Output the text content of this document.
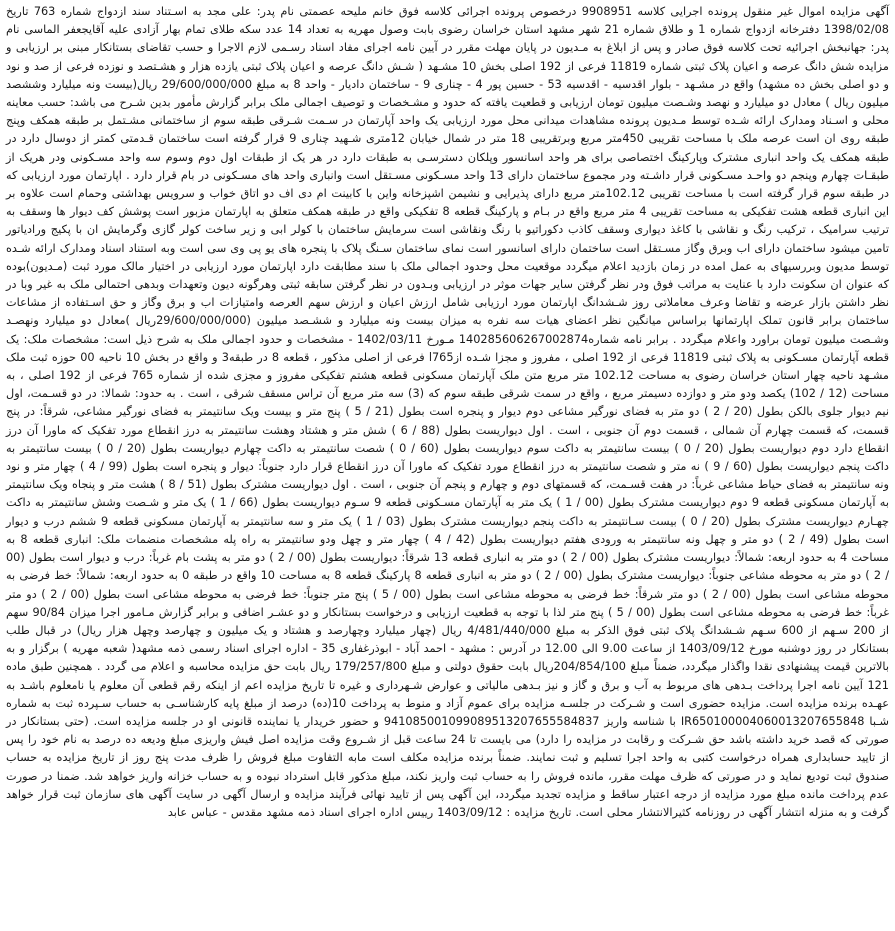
آگهی مزایده اموال غیر منقول پرونده اجرایی کلاسه 9908951 درخصوص پرونده اجرائی کلاسه فوق خانم ملیحه عصمتی نام پدر: علی مجد به اسـتناد سند ازدواج شماره 763 تاریخ 1398/02/08 دفترخانه ازدواج شماره 1 و طلاق شماره 21 شهر مشهد استان خراسان رضوی بابت وصول مهریه به تعداد 14 عدد سکه طلای تمام بهار آزادی علیه آقایجعفر الماسی نام پدر: جهانبخش اجرائیه تحت کلاسه فوق صادر و پس از ابلاغ به مـدیون در پایان مهلت مقرر در آیین نامه اجرای مفاد اسناد رسـمی لازم الاجرا و حسب تقاضای بستانکار مبنی بر ارزیابی و مزایده شش دانگ عرصه و اعیان پلاک ثبتی شماره 11819 فرعی از 192 اصلی بخش 10 مشـهد ( شـش دانگ عرصه و اعیان پلاک ثبتی یازده هزار و هشـتصد و نوزده فرعی از صد و نود و دو اصلی بخش ده مشهد) واقع در مشـهد - بلوار اقدسیه - اقدسیه 53 - حسین پور 4 - چناری 9 - ساختمان دادیار - واحد 8 به مبلغ 29/600/000/000 ریال(بیست ونه میلیارد وششصد میلیون ریال ) معادل دو میلیارد و نهصد وشـصت میلیون تومان ارزیابی و قطعیت یافته که حدود و مشـخصات و توصیف اجمالی ملک برابر گزارش مأمور بدین شـرح می باشد: حسب معاینه محلی و اسـناد ومدارک ارائه شـده توسط مـدیون پرونده مشاهدات میدانی محل مورد ارزیابی یک واحد آپارتمان در سـمت شـرقی طبقه سوم از ساختمانی مشـتمل بر طبقه همکف وپنج طبقه روی ان است عرصه ملک با مساحت تقریبی 450متر مربع وبرتقریبی 18 متر در شمال خیابان 12متری شـهید چناری 9 قرار گرفته است ساختمان قـدمتی کمتر از دوسال دارد در طبقه همکف یک واحد انباری مشترک وپارکینگ اختصاصی برای هر واحد اسانسور وپلکان دسترسـی به طبقات دارد در هر یک از طبقات اول دوم وسوم سه واحد مسـکونی ودر هریک از طبقـات چهارم وپنجم دو واحـد مسـکونی قرار داشـته ودر مجموع ساختمان دارای 13 واحد مسـکونی مسـتقل است وانباری واحد های مسـکونی در بام قرار دارد . اپارتمان مورد ارزیابی که در طبقه سوم قرار گرفته است با مساحت تقریبی 102.12متر مربع دارای پذیرایی و نشیمن اشپزخانه واین با کابینت ام دی اف دو اتاق خواب و سرویس بهداشتی وحمام است علاوه بر این انباری قطعه هشت تفکیکی به مساحت تقریبی 4 متر مربع واقع در بـام و پارکینگ قطعه 8 تفکیکی واقع در طبقه همکف متعلق به اپارتمان مزبور است پوشش کف دیوار ها وسقف به ترتیب سرامیک ، ترکیب رنگ و نقاشی با کاغذ دیواری وسقف کاذب دکوراتیو با رنگ ونقاشی است سرمایش ساختمان با کولر ابی و زیر ساخت کولر گازی وگرمایش ان با پکیج ورادیاتور تامین میشود ساختمان دارای اب وبرق وگاز مسـتقل است ساختمان دارای اسانسور است نمای ساختمان سـنگ پلاک با پنجره های یو پی وی سی است وبه استناد اسناد ومدارک ارائه شـده توسط مدیون وبررسیهای به عمل امده در زمان بازدید اعلام میگردد موقعیت محل وحدود اجمالی ملک با سند مطابقت دارد اپارتمان مورد ارزیابی در اختیار مالک مورد ثبت (مـدیون)بوده که عنوان ان سکونت دارد با عنایت به مراتب فوق ودر نظر گرفتن سایر جهات موثر در ارزیابی وبـدون در نظر گرفتن سابقه ثبتی وهرگونه دیون وتعهدات وبدهی احتمالی ملک به غیر وبا در نظر داشتن بازار عرضه و تقاضا وعرف معاملاتی روز شـشدانگ اپارتمان مورد ارزیابی شامل ارزش اعیان و ارزش سهم العرصه وامتیازات اب و برق وگاز و حق اسـتفاده از مشاعات ساختمان برابر قانون تملک اپارتمانها براساس میانگین نظر اعضای هیات سه نفره به میزان بیست ونه میلیارد و ششـصد میلیون (29/600/000/000ریال )معادل دو میلیارد ونهصـد وشـصت میلیون تومان براورد واعلام میگردد . برابر نامه شماره140285606267002874 مـورخ 1402/03/11 - مشخصات و حدود اجمالی ملک به شرح ذیل است: مشخصات ملک: یک قطعه آپارتمان مسـکونی به پلاک ثبتی 11819 فرعی از 192 اصلی ، مفروز و مجزا شـده ازl765 فرعی از اصلی مذکور ، قطعه 8 در طبقه3 و واقع در بخش 10 ناحیه 00 حوزه ثبت ملک مشـهد ناحیه چهار استان خراسان رضوی به مساحت 102.12 متر مربع متن ملک آپارتمان مسکونی قطعه هشتم تفکیکی مفروز و مجزی شده از شماره 765 فرعی از 192 اصلی ، به مساحت (12 / 102) یکصد ودو متر و دوازده دسیمتر مربع ، واقع در سمت شرقی طبقه سوم که (3) سه متر مربع آن تراس مسقف شرقی ، است . به حدود: شمالا: در دو قسـمت، اول نیم دیوار جلوی بالکن بطول (20 / 2 ) دو متر به فضای نورگیر مشاعی دوم دیوار و پنجره است بطول (21 / 5 ) پنج متر و بیست ویک سانتیمتر به فضای نورگیر مشاعی، شرقاً: در پنج قسمت، که قسمت چهارم آن شمالی ، قسمت دوم آن جنوبی ، است . اول دیواریست بطول (88 / 6 ) شش متر و هشتاد وهشت سانتیمتر به درز انقطاع مورد تفکیک که ماورا آن درز انقطاع دارد دوم دیواریست بطول (20 / 0 ) بیست سانتیمتر به داکت سوم دیواریست بطول (60 / 0 ) شصت سانتیمتر به داکت چهارم دیواریست بطول (20 / 0 ) بیست سانتیمتر به داکت پنجم دیواریست بطول (60 / 9 ) نه متر و شصت سانتیمتر به درز انقطاع مورد تفکیک که ماورا آن درز انقطاع قرار دارد جنوباً: دیوار و پنجره است بطول (99 / 4 ) چهار متر و نود ونه سانتیمتر به فضای حیاط مشاعی غرباً: در هفت قسـمت، که قسمتهای دوم و چهارم و پنجم آن جنوبی ، است . اول دیواریست مشترک بطول (51 / 8 ) هشت متر و پنجاه ویک سانتیمتر به آپارتمان مسکونی قطعه 9 دوم دیواریست مشترک بطول (00 / 1 ) یک متر به آپارتمان مسـکونی قطعه 9 سـوم دیواریست بطول (66 / 1 ) یک متر و شـصت وشش سانتیمتر به داکت چهـارم دیواریست مشترک بطول (20 / 0 ) بیست سـانتیمتر به داکت پنجم دیواریست مشترک بطول (03 / 1 ) یک متر و سه سانتیمتر به آپارتمان مسکونی قطعه 9 ششم درب و دیوار است بطول (49 / 2 ) دو متر و چهل ونه سانتیمتر به ورودی هفتم دیواریست بطول (42 / 4 ) چهار متر و چهل ودو سانتیمتر به راه پله مشخصات منضمات ملک: انباری قطعه 8 به مساحت 4 به حدود اربعه: شمالاً: دیواریست مشترک بطول (00 / 2 ) دو متر به انباری قطعه 13 شرقاً: دیواریست بطول (00 / 2 ) دو متر به پشت بام غرباً: درب و دیوار است بطول (00 / 2 ) دو متر به محوطه مشاعی جنوباً: دیواریست مشترک بطول (00 / 2 ) دو متر به انباری قطعه 8 پارکینگ قطعه 8 به مساحت 10 واقع در طبقه 0 به حدود اربعه: شمالاً: خط فرضی به محوطه مشاعی است بطول (00 / 2 ) دو متر شرقاً: خط فرضی به محوطه مشاعی است بطول (00 / 5 ) پنج متر جنوباً: خط فرضی به محوطه مشاعی است بطول (00 / 2 ) دو متر غرباً: خط فرضی به محوطه مشاعی است بطول (00 / 5 ) پنج متر لذا با توجه به قطعیت ارزیابی و درخواست بستانکار و دو عشـر اضافی و برابر گزارش مـامور اجرا میزان 90/84 سهم از 200 سـهم از 600 سـهم شـشدانگ پلاک ثبتی فوق الذکر به مبلغ 4/481/440/000 ریال (چهار میلیارد وچهارصد و هشتاد و یک میلیون و چهارصد وچهل هزار ریال) در قبال طلب بستانکار در روز دوشنبه مورخ 1403/09/12 از ساعت 9.00 الی 12.00 در آدرس : مشهد - احمد آباد - ابوذرغفاری 35 - اداره اجرای اسناد رسمی ذمه مشهد( شعبه مهریه ) برگزار و به بالاترین قیمت پیشنهادی نقدا واگذار میگردد، ضمناً مبلغ 204/854/100ریال بابت حقوق دولتی و مبلغ 179/257/800 ریال بابت حق مزایده محاسبه و اعلام می گردد . همچنین طبق ماده 121 آیین نامه اجرا پرداخت بـدهی های مربوط به آب و برق و گاز و نیز بـدهی مالیاتی و عوارض شـهرداری و غیره تا تاریخ مزایده اعم از اینکه رقم قطعی آن معلوم یا نامعلوم باشـد به عهـده برنده مزایده است. مزایده حضوری است و شـرکت در جلسـه مزایده برای عموم آزاد و منوط به پرداخت 10(ده) درصد از مبلغ پایه کارشناسـی به حساب سـپرده ثبت به شماره شـبا IR650100004060013207655848 با شناسه واریز 941085001099089513207655584837 و حضور خریدار یا نماینده قانونی او در جلسه مزایده است. (حتی بستانکار در صورتی که قصد خرید داشته باشد حق شـرکت و رقابت در مزایده را دارد) می بایست تا 24 ساعت قبل از شـروع وقت مزایده اصل فیش واریزی مبلغ ودیعه ده درصد به نام خود را پس از تایید حسابداری همراه درخواست کتبی به واحد اجرا تسلیم و ثبت نمایند. ضمناً برنده مزایده مکلف است مابه التفاوت مبلغ فروش را ظرف مدت پنج روز از تاریخ مزایده به حساب صندوق ثبت تودیع نماید و در صورتی که ظرف مهلت مقرر، مانده فروش را به حساب ثبت واریز نکند، مبلغ مذکور قابل استرداد نبوده و به حساب خزانه واریز خواهد شد. ضمنا در صورت عدم پرداخت مانده مبلغ مورد مزایده از درجه اعتبار ساقط و مزایده تجدید میگردد، این آگهی پس از تایید نهائی فرآیند مزایده و ارسال آگهی در سایت آگهی های سازمان ثبت قرار خواهد گرفت و به منزله انتشار آگهی در روزنامه کثیرالانتشار محلی است. تاریخ مزایده : 1403/09/12 رییس اداره اجرای اسناد ذمه مشهد مقدس - عباس عابد
